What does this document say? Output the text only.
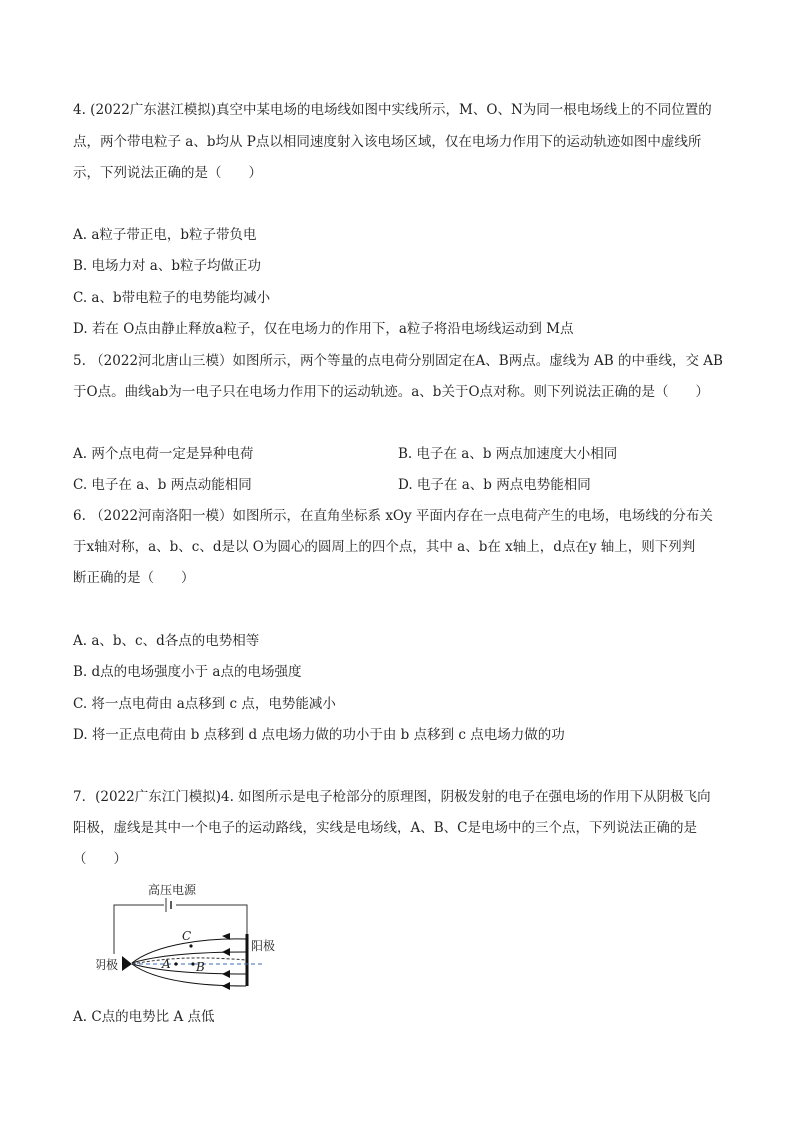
4. (2022广东湛江模拟)真空中某电场的电场线如图中实线所示，M、O、N为同一根电场线上的不同位置的
点，两个带电粒子 a、b均从 P点以相同速度射入该电场区域，仅在电场力作用下的运动轨迹如图中虚线所
示，下列说法正确的是（　　）
A. a粒子带正电，b粒子带负电
B. 电场力对 a、b粒子均做正功
C. a、b带电粒子的电势能均减小
D. 若在 O点由静止释放a粒子，仅在电场力的作用下，a粒子将沿电场线运动到 M点
5. （2022河北唐山三模）如图所示，两个等量的点电荷分别固定在A、B两点。虚线为 AB 的中垂线，交 AB
于O点。曲线ab为一电子只在电场力作用下的运动轨迹。a、b关于O点对称。则下列说法正确的是（　　）
A. 两个点电荷一定是异种电荷	B. 电子在 a、b 两点加速度大小相同
C. 电子在 a、b 两点动能相同	D. 电子在 a、b 两点电势能相同
6. （2022河南洛阳一模）如图所示，在直角坐标系 xOy 平面内存在一点电荷产生的电场，电场线的分布关
于x轴对称，a、b、c、d是以 O为圆心的圆周上的四个点，其中 a、b在 x轴上，d点在y 轴上，则下列判
断正确的是（　　）
A. a、b、c、d各点的电势相等
B. d点的电场强度小于 a点的电场强度
C. 将一点电荷由 a点移到 c 点，电势能减小
D. 将一正点电荷由 b 点移到 d 点电场力做的功小于由 b 点移到 c 点电场力做的功
7．(2022广东江门模拟)4. 如图所示是电子枪部分的原理图，阴极发射的电子在强电场的作用下从阴极飞向
阳极，虚线是其中一个电子的运动路线，实线是电场线，A、B、C是电场中的三个点，下列说法正确的是
（　　）
高压电源
阴极
阳极
C
A B
A. C点的电势比 A 点低
